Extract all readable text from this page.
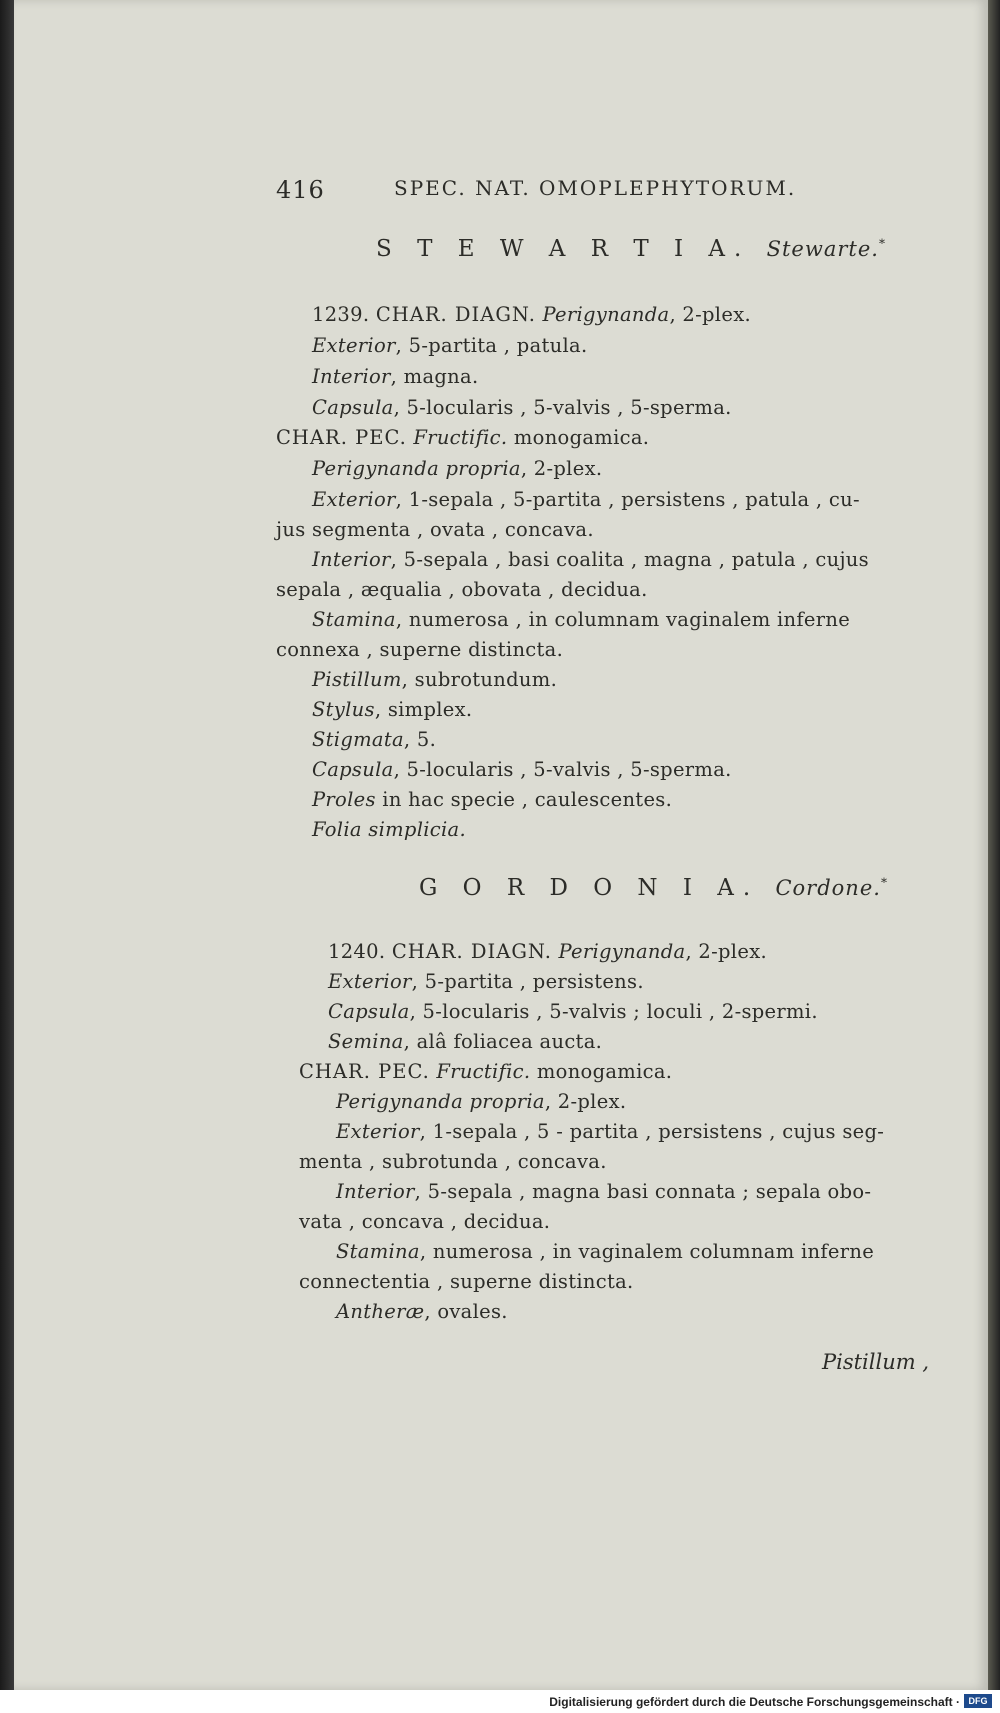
416	SPEC. NAT. OMOPLEPHYTORUM.
S T E W A R T I A. Stewarte.*
1239. CHAR. DIAGN. Perigynanda, 2-plex.
Exterior, 5-partita , patula.
Interior, magna.
Capsula, 5-locularis , 5-valvis , 5-sperma.
CHAR. PEC. Fructific. monogamica.
Perigynanda propria, 2-plex.
Exterior, 1-sepala , 5-partita , persistens , patula , cu-
jus segmenta , ovata , concava.
Interior, 5-sepala , basi coalita , magna , patula , cujus
sepala , æqualia , obovata , decidua.
Stamina, numerosa , in columnam vaginalem inferne
connexa , superne distincta.
Pistillum, subrotundum.
Stylus, simplex.
Stigmata, 5.
Capsula, 5-locularis , 5-valvis , 5-sperma.
Proles in hac specie , caulescentes.
Folia simplicia.
G O R D O N I A. Cordone.*
1240. CHAR. DIAGN. Perigynanda, 2-plex.
Exterior, 5-partita , persistens.
Capsula, 5-locularis , 5-valvis ; loculi , 2-spermi.
Semina, alâ foliacea aucta.
CHAR. PEC. Fructific. monogamica.
Perigynanda propria, 2-plex.
Exterior, 1-sepala , 5 - partita , persistens , cujus seg-
menta , subrotunda , concava.
Interior, 5-sepala , magna basi connata ; sepala obo-
vata , concava , decidua.
Stamina, numerosa , in vaginalem columnam inferne
connectentia , superne distincta.
Antheræ, ovales.
Pistillum ,
Digitalisierung gefördert durch die Deutsche Forschungsgemeinschaft · DFG
